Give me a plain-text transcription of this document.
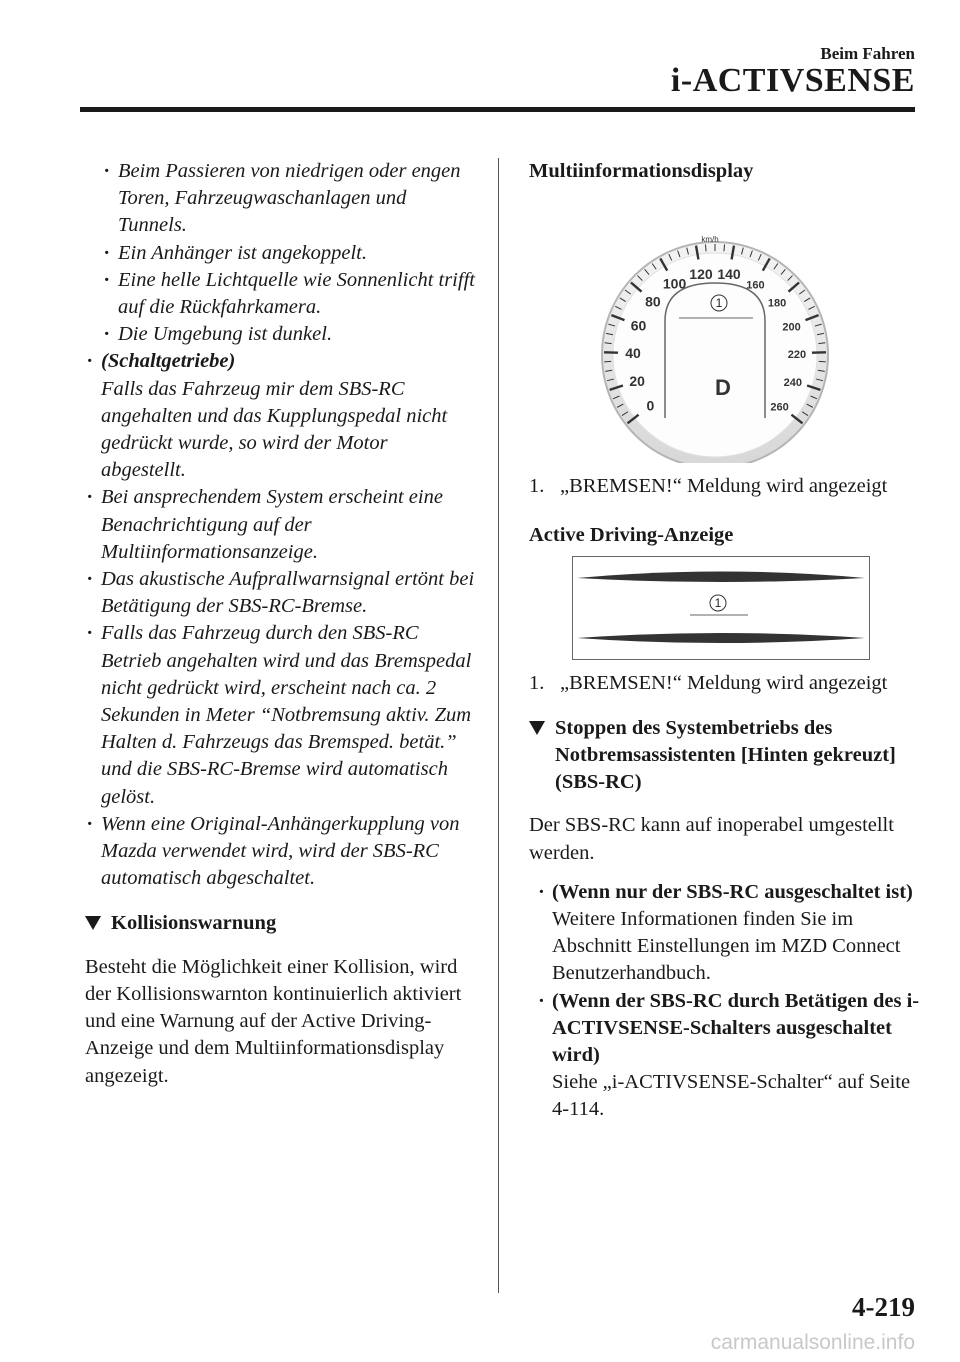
Beim Fahren
i-ACTIVSENSE
· Beim Passieren von niedrigen oder engen Toren, Fahrzeugwaschanlagen und Tunnels.
· Ein Anhänger ist angekoppelt.
· Eine helle Lichtquelle wie Sonnenlicht trifft auf die Rückfahrkamera.
· Die Umgebung ist dunkel.
· (Schaltgetriebe)
Falls das Fahrzeug mir dem SBS-RC angehalten und das Kupplungspedal nicht gedrückt wurde, so wird der Motor abgestellt.
· Bei ansprechendem System erscheint eine Benachrichtigung auf der Multiinformationsanzeige.
· Das akustische Aufprallwarnsignal ertönt bei Betätigung der SBS-RC-Bremse.
· Falls das Fahrzeug durch den SBS-RC Betrieb angehalten wird und das Bremspedal nicht gedrückt wird, erscheint nach ca. 2 Sekunden in Meter “Notbremsung aktiv. Zum Halten d. Fahrzeugs das Bremsped. betät.” und die SBS-RC-Bremse wird automatisch gelöst.
· Wenn eine Original-Anhängerkupplung von Mazda verwendet wird, wird der SBS-RC automatisch abgeschaltet.
Kollisionswarnung
Besteht die Möglichkeit einer Kollision, wird der Kollisionswarnton kontinuierlich aktiviert und eine Warnung auf der Active Driving-Anzeige und dem Multiinformationsdisplay angezeigt.
Multiinformationsdisplay
0
20
40
60
80
100
120 140
160
180
200
220
240
260
km/h
1
D
1. „BREMSEN!“ Meldung wird angezeigt
Active Driving-Anzeige
1
1. „BREMSEN!“ Meldung wird angezeigt
Stoppen des Systembetriebs des Notbremsassistenten [Hinten gekreuzt] (SBS-RC)
Der SBS-RC kann auf inoperabel umgestellt werden.
· (Wenn nur der SBS-RC ausgeschaltet ist)
Weitere Informationen finden Sie im Abschnitt Einstellungen im MZD Connect Benutzerhandbuch.
· (Wenn der SBS-RC durch Betätigen des i-ACTIVSENSE-Schalters ausgeschaltet wird)
Siehe „i-ACTIVSENSE-Schalter“ auf Seite 4-114.
4-219
carmanualsonline.info
